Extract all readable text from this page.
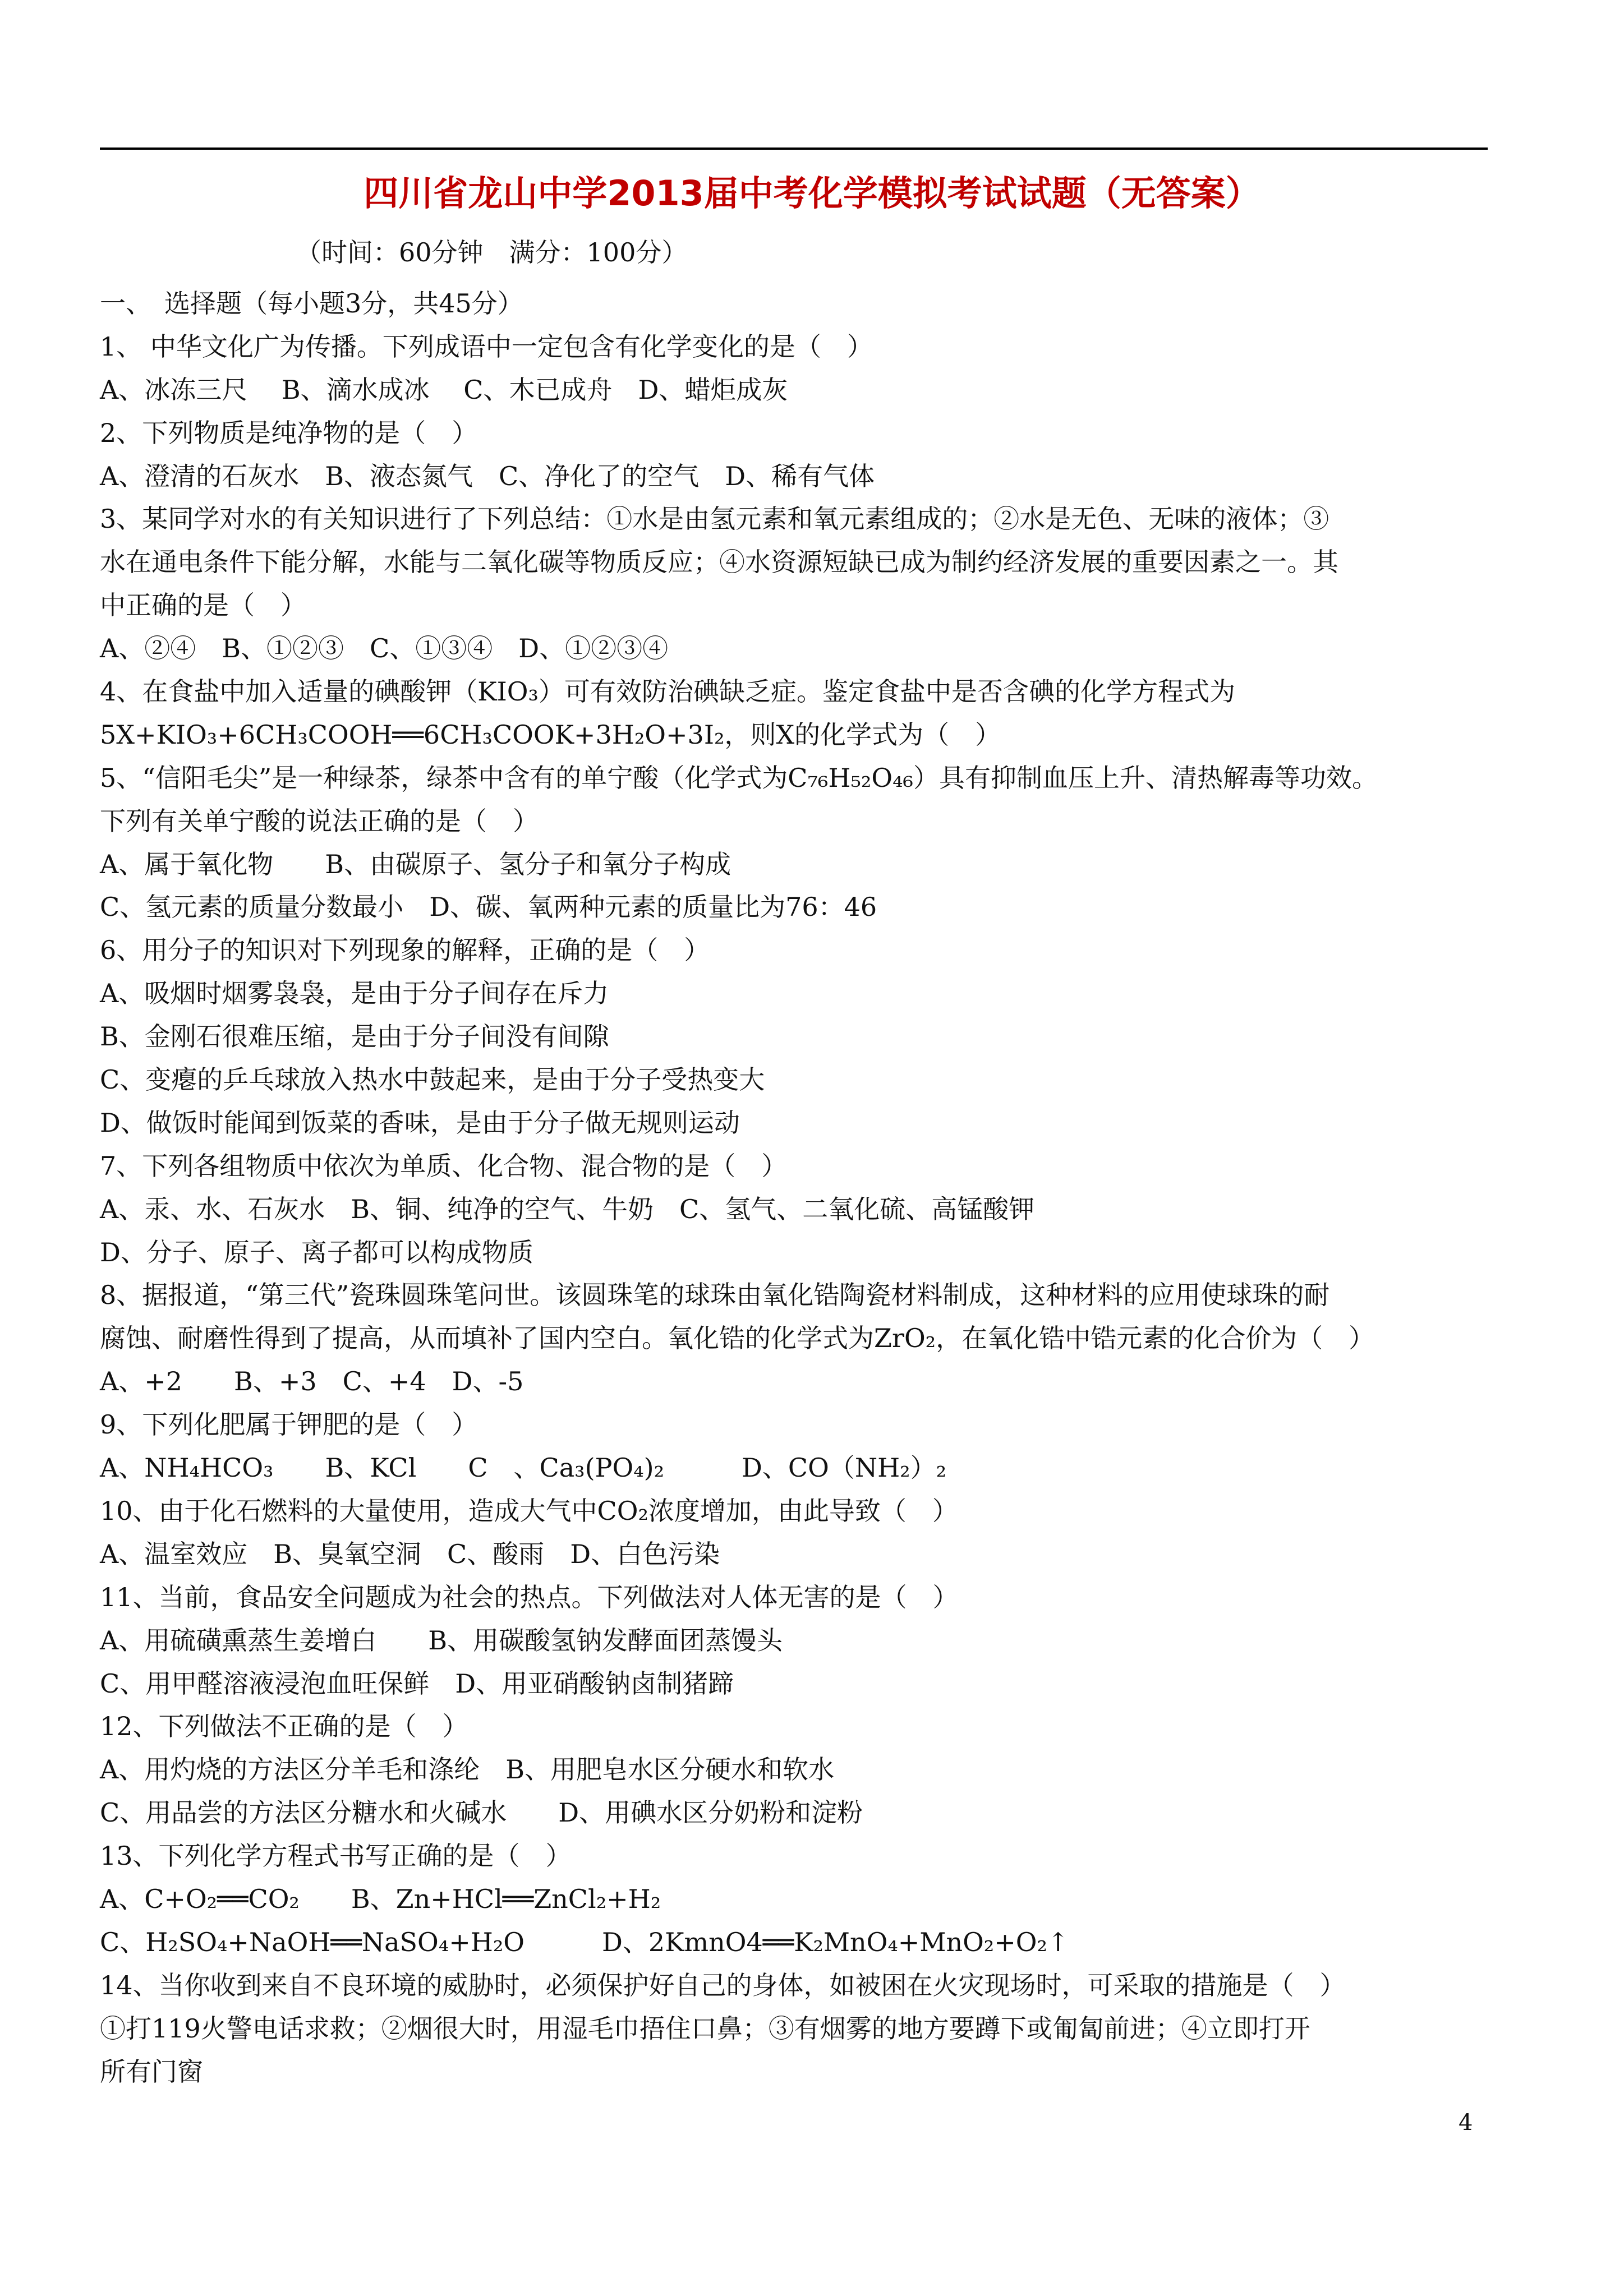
四川省龙山中学2013届中考化学模拟考试试题（无答案）
（时间：60分钟　满分：100分）
一、　选择题（每小题3分，共45分）
1、 中华文化广为传播。下列成语中一定包含有化学变化的是（　）
A、冰冻三尺　 B、滴水成冰　 C、木已成舟　D、蜡炬成灰
2、下列物质是纯净物的是（　）
A、澄清的石灰水　B、液态氮气　C、净化了的空气　D、稀有气体
3、某同学对水的有关知识进行了下列总结：①水是由氢元素和氧元素组成的；②水是无色、无味的液体；③
水在通电条件下能分解，水能与二氧化碳等物质反应；④水资源短缺已成为制约经济发展的重要因素之一。其
中正确的是（　）
A、②④　B、①②③　C、①③④　D、①②③④
4、在食盐中加入适量的碘酸钾（KIO₃）可有效防治碘缺乏症。鉴定食盐中是否含碘的化学方程式为
5X+KIO₃+6CH₃COOH══6CH₃COOK+3H₂O+3I₂，则X的化学式为（　）
5、“信阳毛尖”是一种绿茶，绿茶中含有的单宁酸（化学式为C₇₆H₅₂O₄₆）具有抑制血压上升、清热解毒等功效。
下列有关单宁酸的说法正确的是（　）
A、属于氧化物　　B、由碳原子、氢分子和氧分子构成
C、氢元素的质量分数最小　D、碳、氧两种元素的质量比为76：46
6、用分子的知识对下列现象的解释，正确的是（　）
A、吸烟时烟雾袅袅，是由于分子间存在斥力
B、金刚石很难压缩，是由于分子间没有间隙
C、变瘪的乒乓球放入热水中鼓起来，是由于分子受热变大
D、做饭时能闻到饭菜的香味，是由于分子做无规则运动
7、下列各组物质中依次为单质、化合物、混合物的是（　）
A、汞、水、石灰水　B、铜、纯净的空气、牛奶　C、氢气、二氧化硫、高锰酸钾
D、分子、原子、离子都可以构成物质
8、据报道，“第三代”瓷珠圆珠笔问世。该圆珠笔的球珠由氧化锆陶瓷材料制成，这种材料的应用使球珠的耐
腐蚀、耐磨性得到了提高，从而填补了国内空白。氧化锆的化学式为ZrO₂，在氧化锆中锆元素的化合价为（　）
A、+2　　B、+3　C、+4　D、-5
9、下列化肥属于钾肥的是（　）
A、NH₄HCO₃　　B、KCl　　C　、Ca₃(PO₄)₂　　　D、CO（NH₂）₂
10、由于化石燃料的大量使用，造成大气中CO₂浓度增加，由此导致（　）
A、温室效应　B、臭氧空洞　C、酸雨　D、白色污染
11、当前，食品安全问题成为社会的热点。下列做法对人体无害的是（　）
A、用硫磺熏蒸生姜增白　　B、用碳酸氢钠发酵面团蒸馒头
C、用甲醛溶液浸泡血旺保鲜　D、用亚硝酸钠卤制猪蹄
12、下列做法不正确的是（　）
A、用灼烧的方法区分羊毛和涤纶　B、用肥皂水区分硬水和软水
C、用品尝的方法区分糖水和火碱水　　D、用碘水区分奶粉和淀粉
13、下列化学方程式书写正确的是（　）
A、C+O₂══CO₂　　B、Zn+HCl══ZnCl₂+H₂
C、H₂SO₄+NaOH══NaSO₄+H₂O　　　D、2KmnO4══K₂MnO₄+MnO₂+O₂↑
14、当你收到来自不良环境的威胁时，必须保护好自己的身体，如被困在火灾现场时，可采取的措施是（　）
①打119火警电话求救；②烟很大时，用湿毛巾捂住口鼻；③有烟雾的地方要蹲下或匍匐前进；④立即打开
所有门窗
4
